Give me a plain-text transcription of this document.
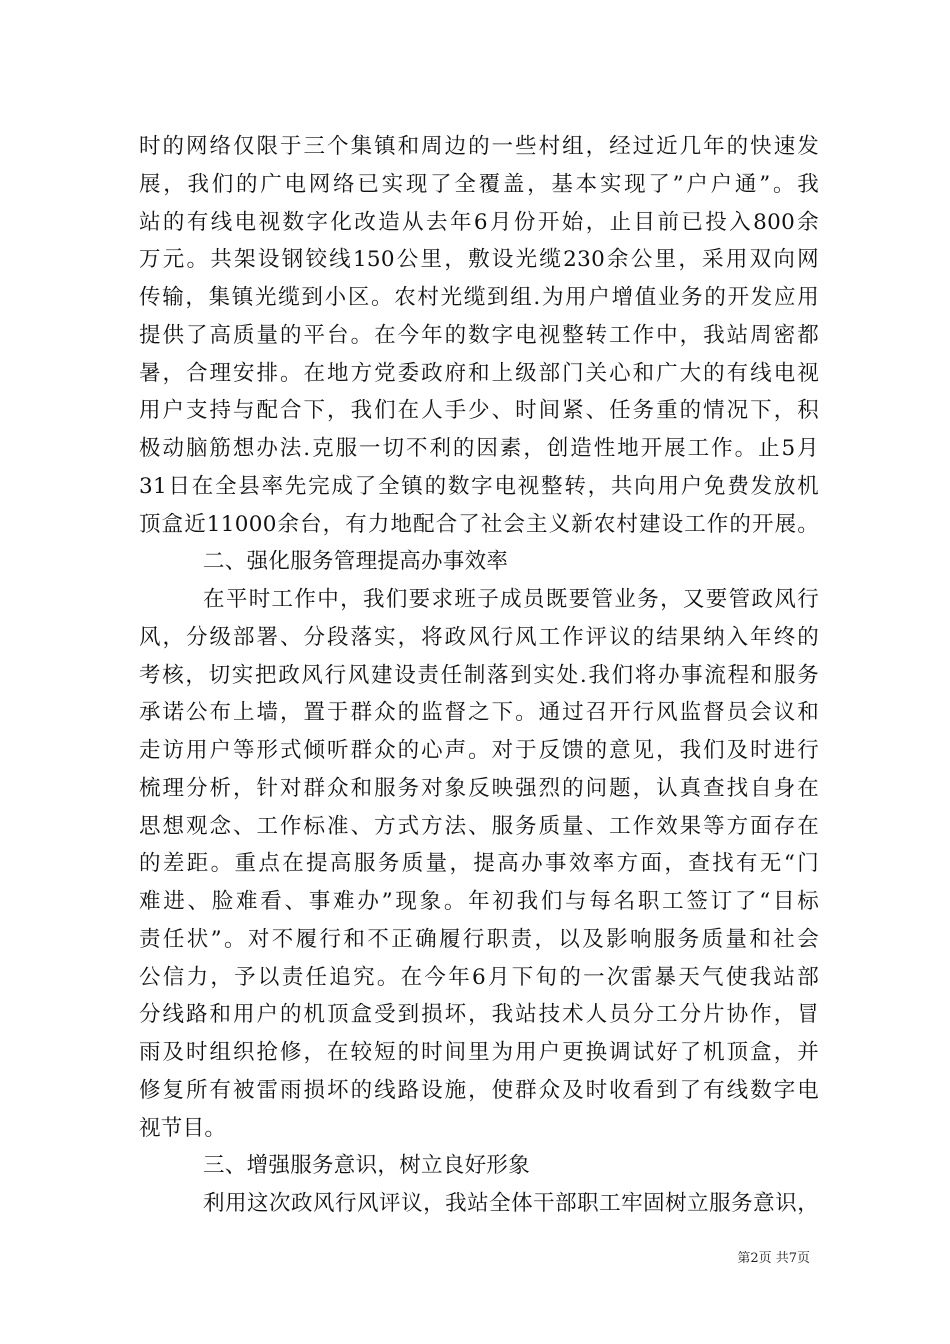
时的网络仅限于三个集镇和周边的一些村组，经过近几年的快速发
展，我们的广电网络已实现了全覆盖，基本实现了”户户通”。我
站的有线电视数字化改造从去年6月份开始，止目前已投入800余
万元。共架设钢铰线150公里，敷设光缆230余公里，采用双向网
传输，集镇光缆到小区。农村光缆到组.为用户增值业务的开发应用
提供了高质量的平台。在今年的数字电视整转工作中，我站周密都
暑，合理安排。在地方党委政府和上级部门关心和广大的有线电视
用户支持与配合下，我们在人手少、时间紧、任务重的情况下，积
极动脑筋想办法.克服一切不利的因素，创造性地开展工作。止5月
31日在全县率先完成了全镇的数字电视整转，共向用户免费发放机
顶盒近11000余台，有力地配合了社会主义新农村建设工作的开展。
二、强化服务管理提高办事效率
在平时工作中，我们要求班子成员既要管业务，又要管政风行
风，分级部署、分段落实，将政风行风工作评议的结果纳入年终的
考核，切实把政风行风建设责任制落到实处.我们将办事流程和服务
承诺公布上墙，置于群众的监督之下。通过召开行风监督员会议和
走访用户等形式倾听群众的心声。对于反馈的意见，我们及时进行
梳理分析，针对群众和服务对象反映强烈的问题，认真查找自身在
思想观念、工作标准、方式方法、服务质量、工作效果等方面存在
的差距。重点在提高服务质量，提高办事效率方面，查找有无“门
难进、脸难看、事难办”现象。年初我们与每名职工签订了“目标
责任状”。对不履行和不正确履行职责，以及影响服务质量和社会
公信力，予以责任追究。在今年6月下旬的一次雷暴天气使我站部
分线路和用户的机顶盒受到损坏，我站技术人员分工分片协作，冒
雨及时组织抢修，在较短的时间里为用户更换调试好了机顶盒，并
修复所有被雷雨损坏的线路设施，使群众及时收看到了有线数字电
视节目。
三、增强服务意识，树立良好形象
利用这次政风行风评议，我站全体干部职工牢固树立服务意识，
第2页 共7页
